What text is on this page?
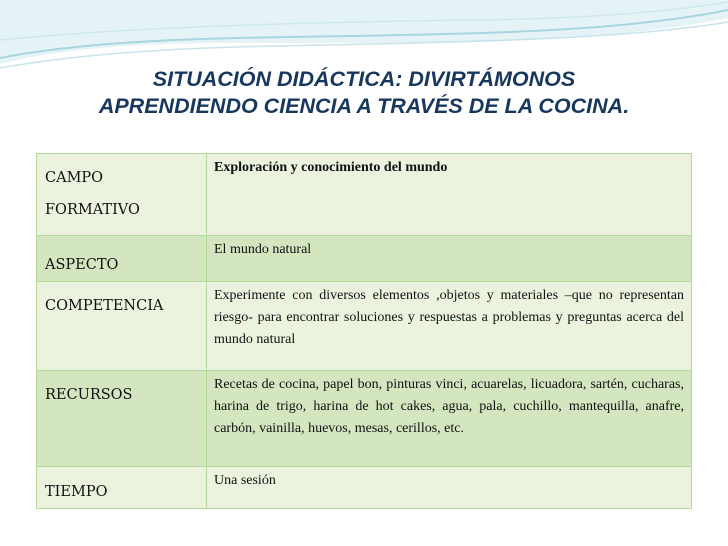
SITUACIÓN DIDÁCTICA: DIVIRTÁMONOS
APRENDIENDO CIENCIA A TRAVÉS DE LA COCINA.
CAMPO FORMATIVO	Exploración y conocimiento del mundo
ASPECTO	El mundo natural
COMPETENCIA	Experimente con diversos elementos ,objetos y materiales –que no representan riesgo- para encontrar soluciones y respuestas a problemas y preguntas acerca del mundo natural
RECURSOS	Recetas de cocina, papel bon, pinturas vinci, acuarelas, licuadora, sartén, cucharas, harina de trigo, harina de hot cakes, agua, pala, cuchillo, mantequilla, anafre, carbón, vainilla, huevos, mesas, cerillos, etc.
TIEMPO	Una sesión
